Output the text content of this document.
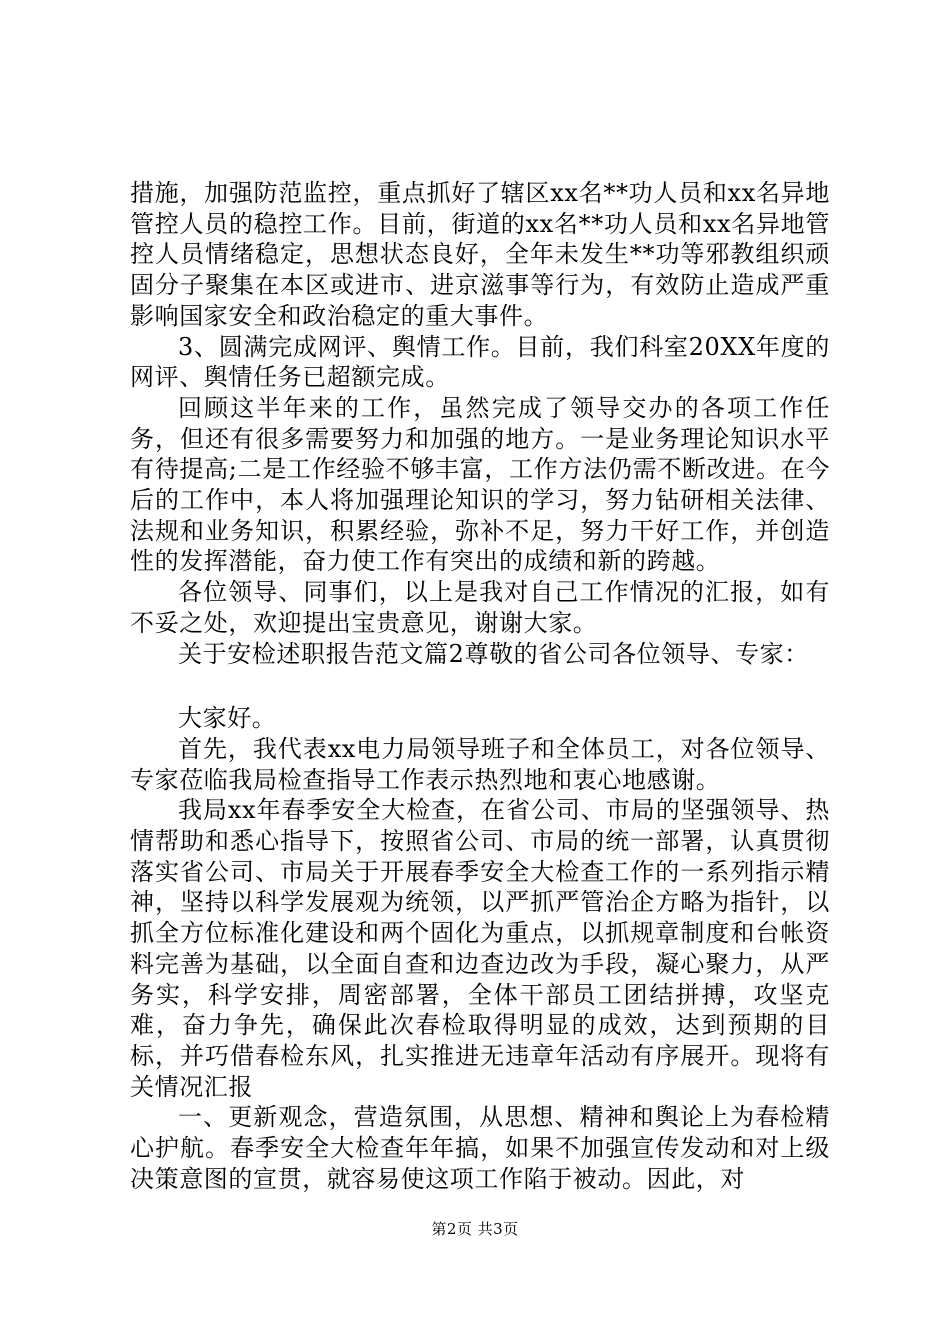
措施，加强防范监控，重点抓好了辖区xx名**功人员和xx名异地管控人员的稳控工作。目前，街道的xx名**功人员和xx名异地管控人员情绪稳定，思想状态良好，全年未发生**功等邪教组织顽固分子聚集在本区或进市、进京滋事等行为，有效防止造成严重影响国家安全和政治稳定的重大事件。

3、圆满完成网评、舆情工作。目前，我们科室20XX年度的网评、舆情任务已超额完成。

回顾这半年来的工作，虽然完成了领导交办的各项工作任务，但还有很多需要努力和加强的地方。一是业务理论知识水平有待提高;二是工作经验不够丰富，工作方法仍需不断改进。在今后的工作中，本人将加强理论知识的学习，努力钻研相关法律、法规和业务知识，积累经验，弥补不足，努力干好工作，并创造性的发挥潜能，奋力使工作有突出的成绩和新的跨越。

各位领导、同事们，以上是我对自己工作情况的汇报，如有不妥之处，欢迎提出宝贵意见，谢谢大家。

关于安检述职报告范文篇2尊敬的省公司各位领导、专家：

大家好。

首先，我代表xx电力局领导班子和全体员工，对各位领导、专家莅临我局检查指导工作表示热烈地和衷心地感谢。

我局xx年春季安全大检查，在省公司、市局的坚强领导、热情帮助和悉心指导下，按照省公司、市局的统一部署，认真贯彻落实省公司、市局关于开展春季安全大检查工作的一系列指示精神，坚持以科学发展观为统领，以严抓严管治企方略为指针，以抓全方位标准化建设和两个固化为重点，以抓规章制度和台帐资料完善为基础，以全面自查和边查边改为手段，凝心聚力，从严务实，科学安排，周密部署，全体干部员工团结拼搏，攻坚克难，奋力争先，确保此次春检取得明显的成效，达到预期的目标，并巧借春检东风，扎实推进无违章年活动有序展开。现将有关情况汇报

一、更新观念，营造氛围，从思想、精神和舆论上为春检精心护航。春季安全大检查年年搞，如果不加强宣传发动和对上级决策意图的宣贯，就容易使这项工作陷于被动。因此，对

第2页 共3页
